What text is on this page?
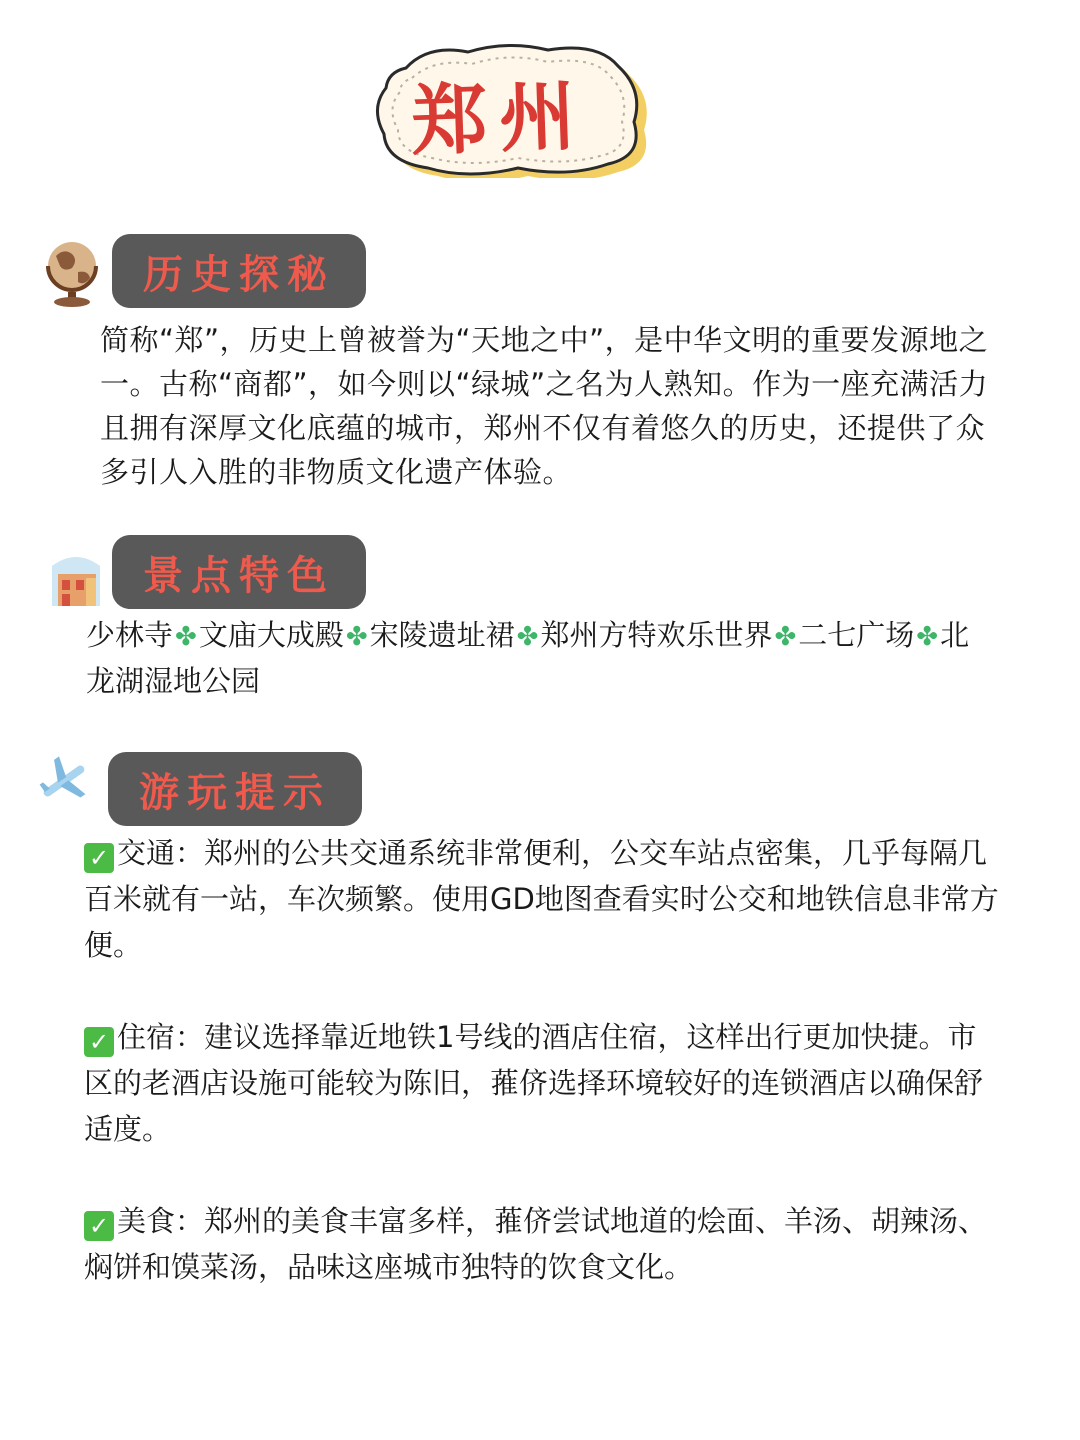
郑州
历史探秘
简称“郑”，历史上曾被誉为“天地之中”，是中华文明的重要发源地之一。古称“商都”，如今则以“绿城”之名为人熟知。作为一座充满活力且拥有深厚文化底蕴的城市，郑州不仅有着悠久的历史，还提供了众多引人入胜的非物质文化遗产体验。
景点特色
少林寺✤文庙大成殿✤宋陵遗址裙✤郑州方特欢乐世界✤二七广场✤北龙湖湿地公园
游玩提示
✓ 交通：郑州的公共交通系统非常便利，公交车站点密集，几乎每隔几百米就有一站，车次频繁。使用GD地图查看实时公交和地铁信息非常方便。
✓ 住宿：建议选择靠近地铁1号线的酒店住宿，这样出行更加快捷。市区的老酒店设施可能较为陈旧，蓷侪选择环境较好的连锁酒店以确保舒适度。
✓ 美食：郑州的美食丰富多样，蓷侪尝试地道的烩面、羊汤、胡辣汤、焖饼和馍菜汤，品味这座城市独特的饮食文化。
